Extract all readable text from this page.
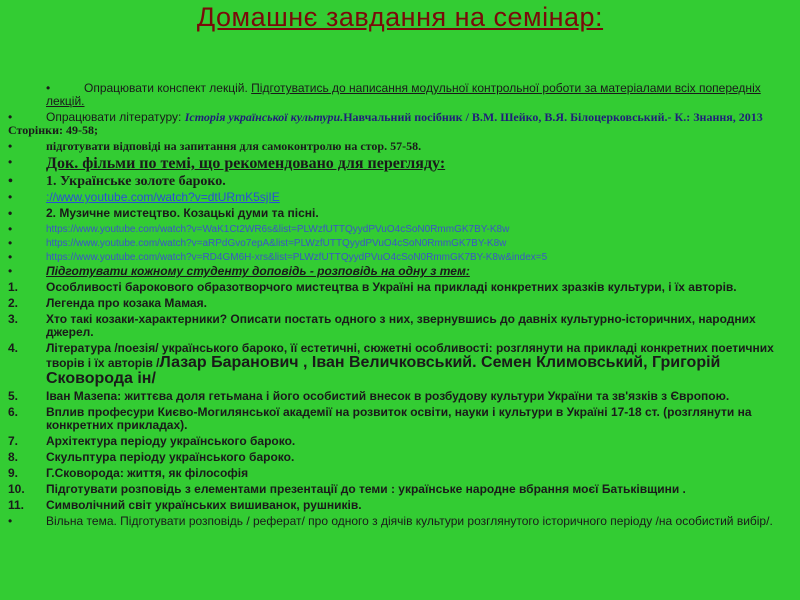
Домашнє завдання на семінар:
•	Опрацювати конспект лекцій. Підготуватись до написання модульної контрольної роботи за матеріалами всіх попередніх лекцій.
•	Опрацювати літературу: Історія української культури.Навчальний посібник / В.М. Шейко, В.Я. Білоцерковський.- К.: Знання, 2013 Сторінки: 49-58;
•	підготувати відповіді на запитання для самоконтролю на стор. 57-58.
•	Док. фільми по темі, що рекомендовано для перегляду:
•	1. Українське золоте бароко.
•	://www.youtube.com/watch?v=dtURmK5sjIE
•	2. Музичне мистецтво. Козацькі думи та пісні.
•	https://www.youtube.com/watch?v=WaK1Ct2WR6s&list=PLWzfUTTQyydPVuO4cSoN0RmmGK7BY-K8w
•	https://www.youtube.com/watch?v=aRPdGvo7epA&list=PLWzfUTTQyydPVuO4cSoN0RmmGK7BY-K8w
•	https://www.youtube.com/watch?v=RD4GM6H-xrs&list=PLWzfUTTQyydPVuO4cSoN0RmmGK7BY-K8w&index=5
•	Підготувати кожному студенту доповідь - розповідь на одну з тем:
1.	Особливості барокового образотворчого мистецтва в Україні на прикладі конкретних зразків культури, і їх авторів.
2.	Легенда про козака Мамая.
3.	Хто такі козаки-характерники? Описати постать одного з них, звернувшись до давніх культурно-історичних, народних джерел.
4.	Література /поезія/ українського бароко, її естетичні, сюжетні особливості: розглянути на прикладі конкретних поетичних творів і їх авторів /Лазар Баранович , Іван Величковський. Семен Климовський, Григорій Сковорода ін/
5.	Іван Мазепа: життєва доля гетьмана і його особистий внесок в розбудову культури України та зв'язків з Європою.
6.	Вплив професури Києво-Могилянської академії на розвиток освіти, науки і культури в Україні 17-18 ст. (розглянути на конкретних прикладах).
7.	Архітектура періоду українського бароко.
8.	Скульптура періоду українського бароко.
9.	Г.Сковорода: життя, як філософія
10.	Підготувати розповідь з елементами презентації до теми : українське народне вбрання моєї Батьківщини .
11.	Символічний світ українських вишиванок, рушників.
•	Вільна тема. Підготувати розповідь / реферат/ про одного з діячів культури розглянутого історичного періоду /на особистий вибір/.
